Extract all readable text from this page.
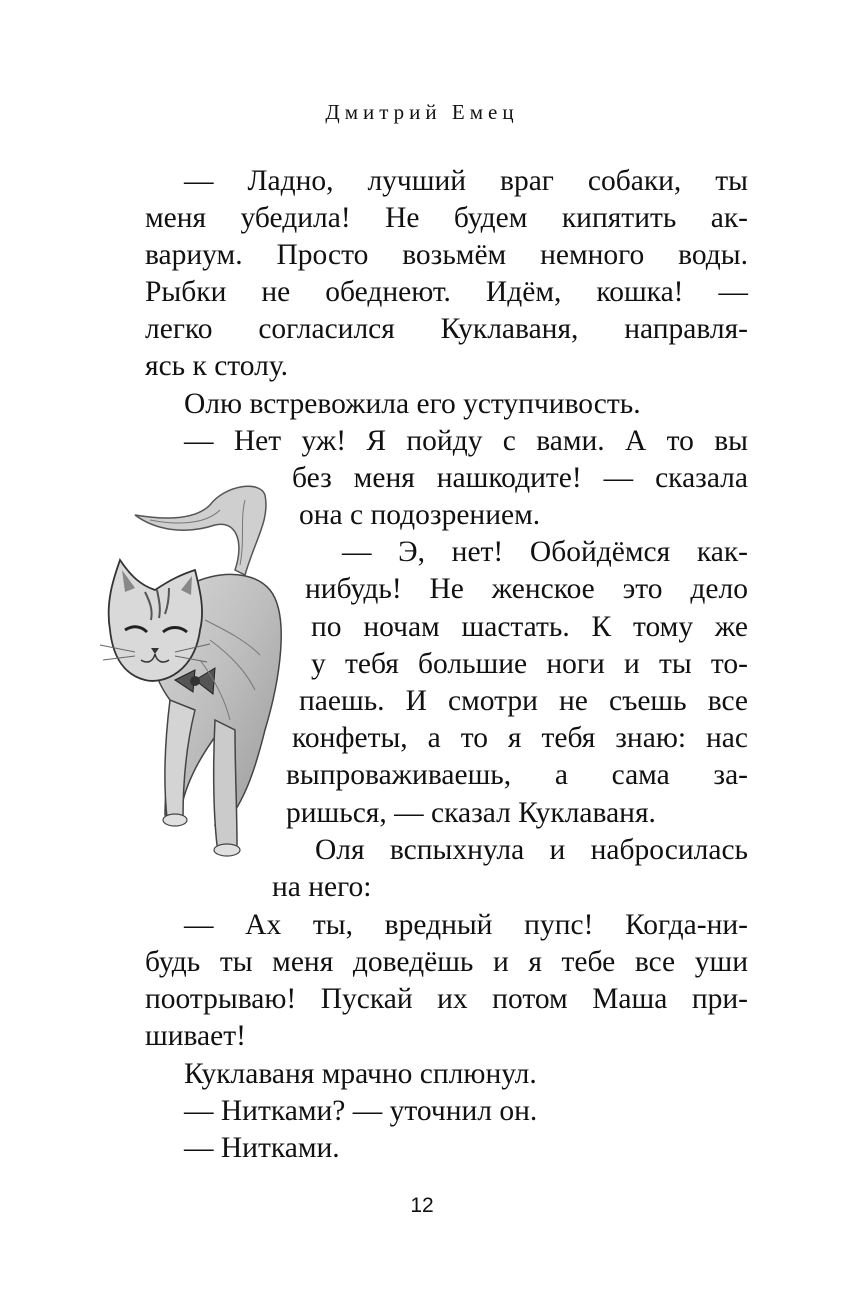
Дмитрий Емец
— Ладно, лучший враг собаки, ты
меня убедила! Не будем кипятить ак-
вариум. Просто возьмём немного воды.
Рыбки не обеднеют. Идём, кошка! —
легко согласился Куклаваня, направля-
ясь к столу.
Олю встревожила его уступчивость.
— Нет уж! Я пойду с вами. А то вы
без меня нашкодите! — сказала
она с подозрением.
— Э, нет! Обойдёмся как-
нибудь! Не женское это дело
по ночам шастать. К тому же
у тебя большие ноги и ты то-
паешь. И смотри не съешь все
конфеты, а то я тебя знаю: нас
выпроваживаешь, а сама за-
ришься, — сказал Куклаваня.
Оля вспыхнула и набросилась
на него:
— Ах ты, вредный пупс! Когда-ни-
будь ты меня доведёшь и я тебе все уши
поотрываю! Пускай их потом Маша при-
шивает!
Куклаваня мрачно сплюнул.
— Нитками? — уточнил он.
— Нитками.
12
